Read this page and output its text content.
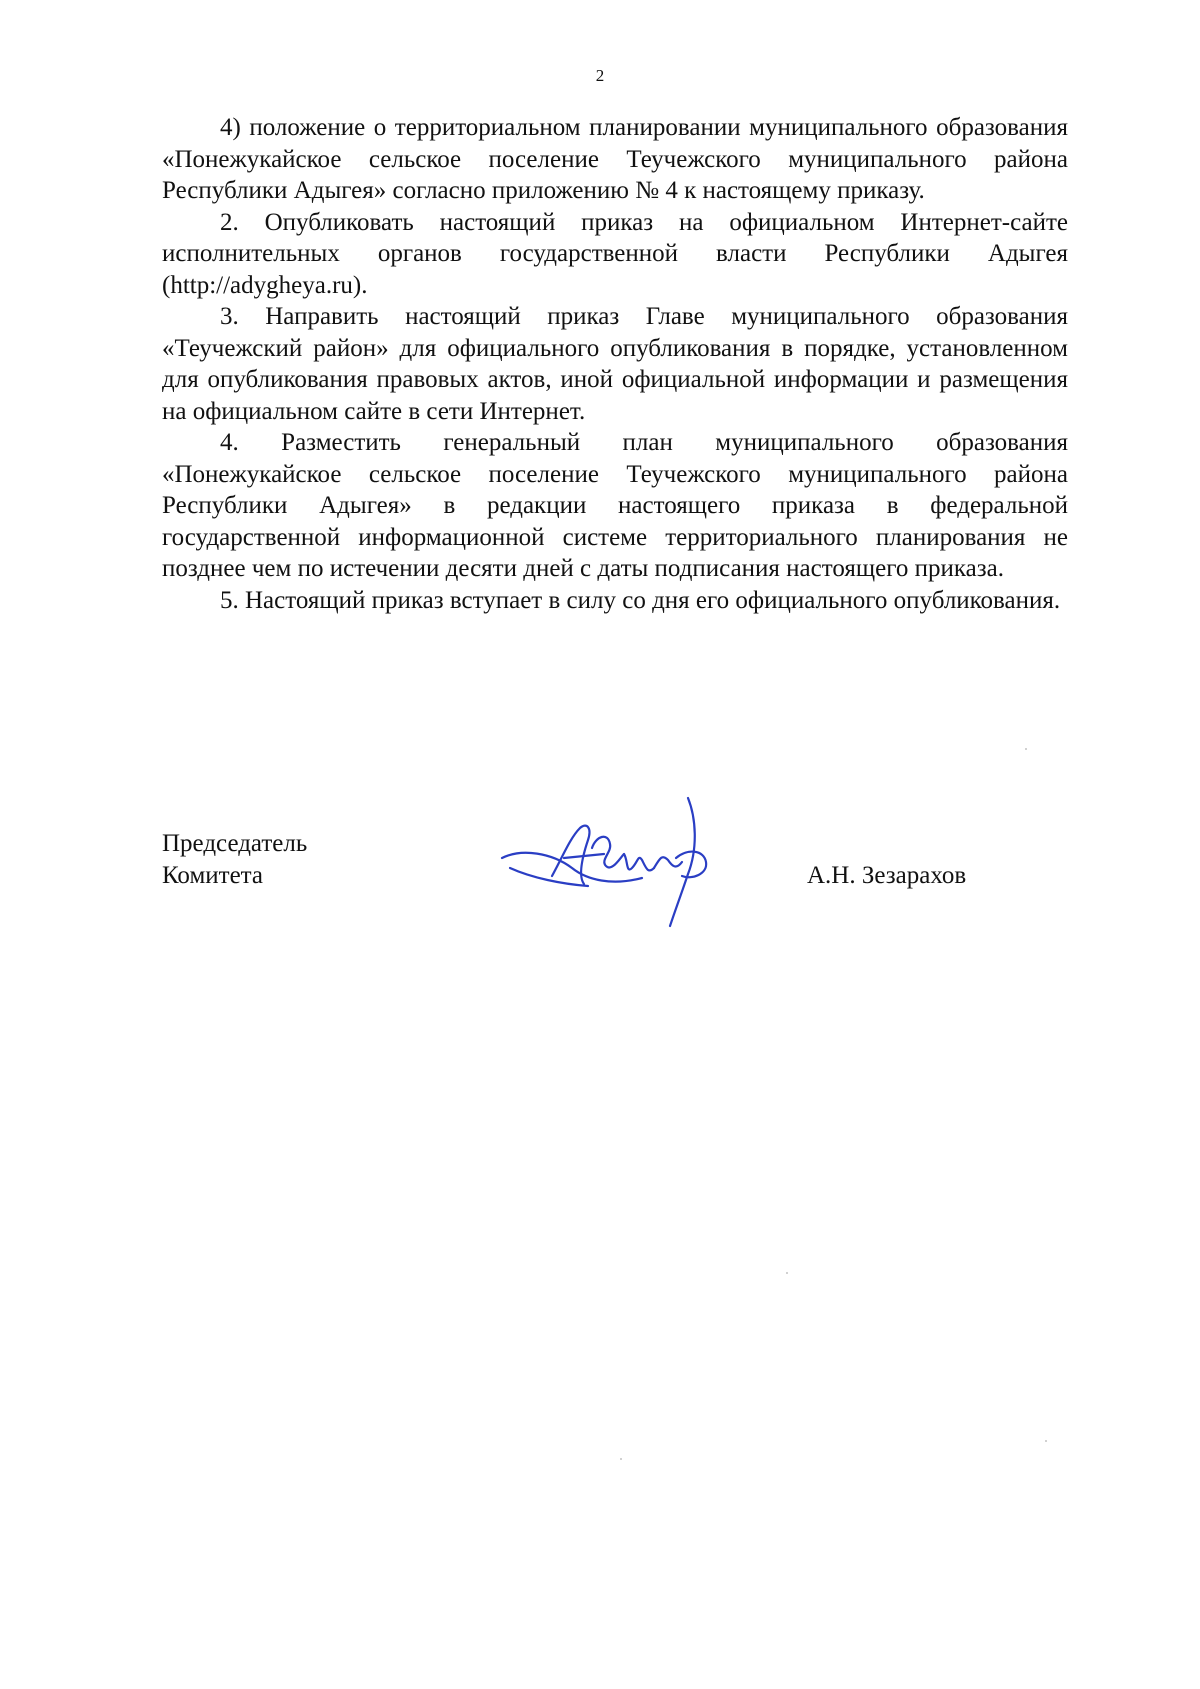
2

4) положение о территориальном планировании муниципального образования «Понежукайское сельское поселение Теучежского муниципального района Республики Адыгея» согласно приложению № 4 к настоящему приказу.

2. Опубликовать настоящий приказ на официальном Интернет-сайте исполнительных органов государственной власти Республики Адыгея (http://adygheya.ru).

3. Направить настоящий приказ Главе муниципального образования «Теучежский район» для официального опубликования в порядке, установленном для опубликования правовых актов, иной официальной информации и размещения на официальном сайте в сети Интернет.

4. Разместить генеральный план муниципального образования «Понежукайское сельское поселение Теучежского муниципального района Республики Адыгея» в редакции настоящего приказа в федеральной государственной информационной системе территориального планирования не позднее чем по истечении десяти дней с даты подписания настоящего приказа.

5. Настоящий приказ вступает в силу со дня его официального опубликования.

Председатель
Комитета	А.Н. Зезарахов
